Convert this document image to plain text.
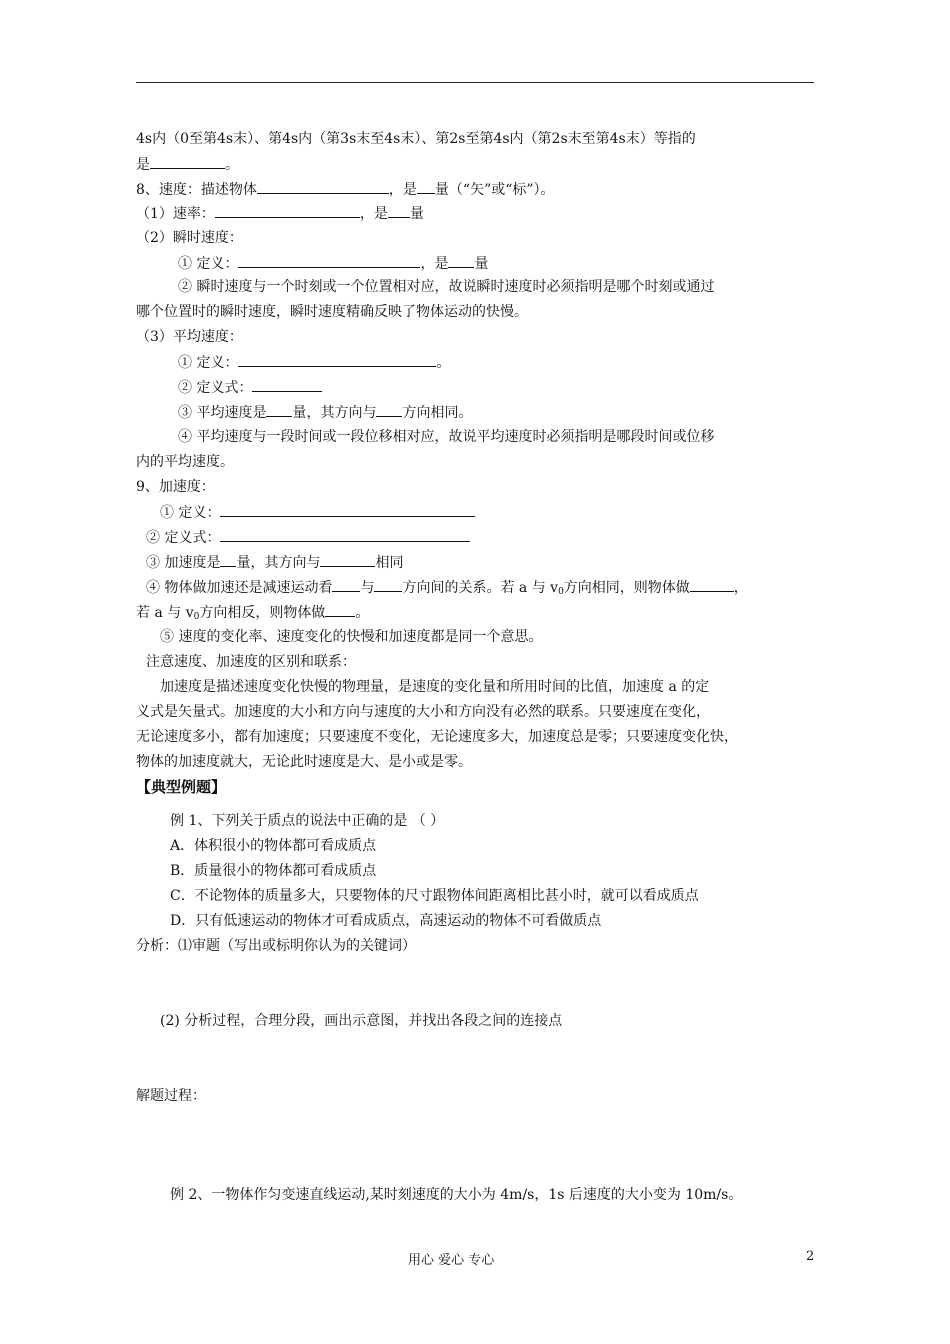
4s内（0至第4s末）、第4s内（第3s末至4s末）、第2s至第4s内（第2s末至第4s末）等指的
是	。
8、速度：描述物体	，是 量（“矢”或“标”）。
（1）速率：	，是 量
（2）瞬时速度：
① 定义：	，是 量
② 瞬时速度与一个时刻或一个位置相对应，故说瞬时速度时必须指明是哪个时刻或通过
哪个位置时的瞬时速度，瞬时速度精确反映了物体运动的快慢。
（3）平均速度：
① 定义：	。
② 定义式：
③ 平均速度是 量，其方向与 方向相同。
④ 平均速度与一段时间或一段位移相对应，故说平均速度时必须指明是哪段时间或位移
内的平均速度。
9、加速度：
① 定义：
② 定义式：
③ 加速度是 量，其方向与	相同
④ 物体做加速还是减速运动看 与 方向间的关系。若 a 与 $v_0$方向相同，则物体做	，
若 a 与 $v_0$方向相反，则物体做 。
⑤ 速度的变化率、速度变化的快慢和加速度都是同一个意思。
注意速度、加速度的区别和联系：
加速度是描述速度变化快慢的物理量，是速度的变化量和所用时间的比值，加速度 a 的定
义式是矢量式。加速度的大小和方向与速度的大小和方向没有必然的联系。只要速度在变化，
无论速度多小，都有加速度；只要速度不变化，无论速度多大，加速度总是零；只要速度变化快，
物体的加速度就大，无论此时速度是大、是小或是零。
【典型例题】
例 1、下列关于质点的说法中正确的是 （ ）
A．体积很小的物体都可看成质点
B．质量很小的物体都可看成质点
C．不论物体的质量多大，只要物体的尺寸跟物体间距离相比甚小时，就可以看成质点
D．只有低速运动的物体才可看成质点，高速运动的物体不可看做质点
分析：⑴审题（写出或标明你认为的关键词）
(2) 分析过程，合理分段，画出示意图，并找出各段之间的连接点
解题过程：
例 2、一物体作匀变速直线运动,某时刻速度的大小为 4m/s，1s 后速度的大小变为 10m/s。
用心 爱心 专心	2
